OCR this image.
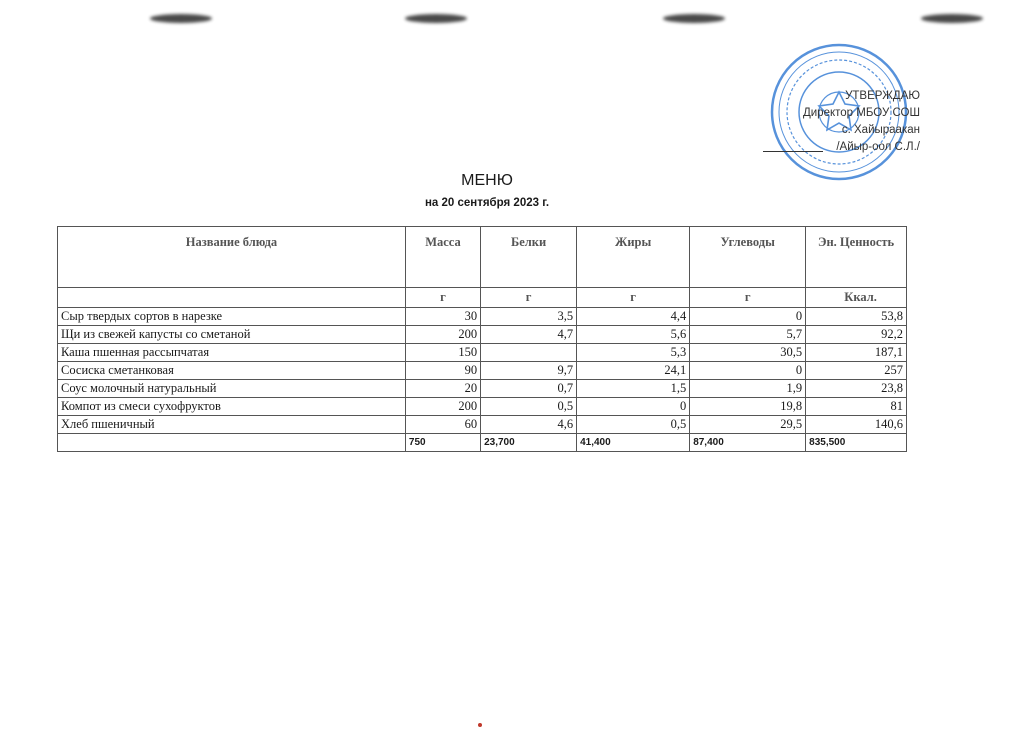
УТВЕРЖДАЮ
Директор МБОУ СОШ
с. Хайыраакан
/Айыр-оол С.Л./
МЕНЮ
на 20 сентября 2023 г.
Название блюда	Масса	Белки	Жиры	Углеводы	Эн. Ценность
	г	г	г	г	Ккал.
Сыр твердых сортов в нарезке	30	3,5	4,4	0	53,8
Щи из свежей капусты со сметаной	200	4,7	5,6	5,7	92,2
Каша пшенная рассыпчатая	150		5,3	30,5	187,1
Сосиска сметанковая	90	9,7	24,1	0	257
Соус молочный натуральный	20	0,7	1,5	1,9	23,8
Компот из смеси сухофруктов	200	0,5	0	19,8	81
Хлеб пшеничный	60	4,6	0,5	29,5	140,6
	750	23,700	41,400	87,400	835,500
